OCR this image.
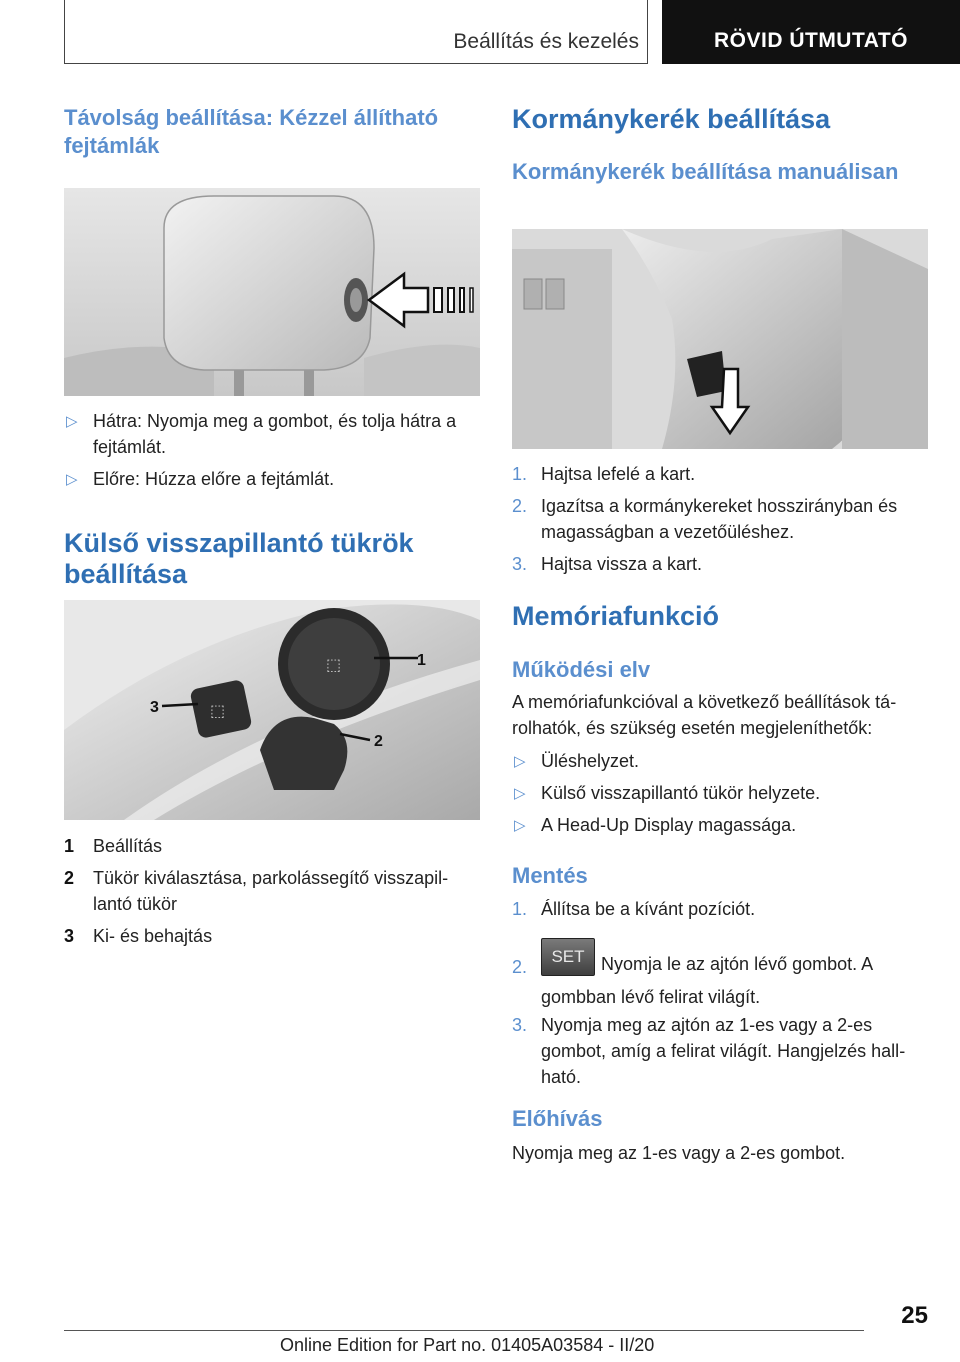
Beállítás és kezelés	RÖVID ÚTMUTATÓ
Távolság beállítása: Kézzel állítható fejtámlák
▷ Hátra: Nyomja meg a gombot, és tolja hátra a fejtámlát.
▷ Előre: Húzza előre a fejtámlát.
Külső visszapillantó tükrök beállítása
⬚
⬚
1
2
3
1 Beállítás
2 Tükör kiválasztása, parkolássegítő visszapillantó tükör
3 Ki- és behajtás
Kormánykerék beállítása
Kormánykerék beállítása manuálisan
1. Hajtsa lefelé a kart.
2. Igazítsa a kormánykereket hosszirányban és magasságban a vezetőüléshez.
3. Hajtsa vissza a kart.
Memóriafunkció
Működési elv
A memóriafunkcióval a következő beállítások tárolhatók, és szükség esetén megjeleníthetők:
▷ Üléshelyzet.
▷ Külső visszapillantó tükör helyzete.
▷ A Head-Up Display magassága.
Mentés
1. Állítsa be a kívánt pozíciót.
2.
SET Nyomja le az ajtón lévő gombot. A gombban lévő felirat világít.
3. Nyomja meg az ajtón az 1-es vagy a 2-es gombot, amíg a felirat világít. Hangjelzés hallható.
Előhívás
Nyomja meg az 1-es vagy a 2-es gombot.
25
Online Edition for Part no. 01405A03584 - II/20
